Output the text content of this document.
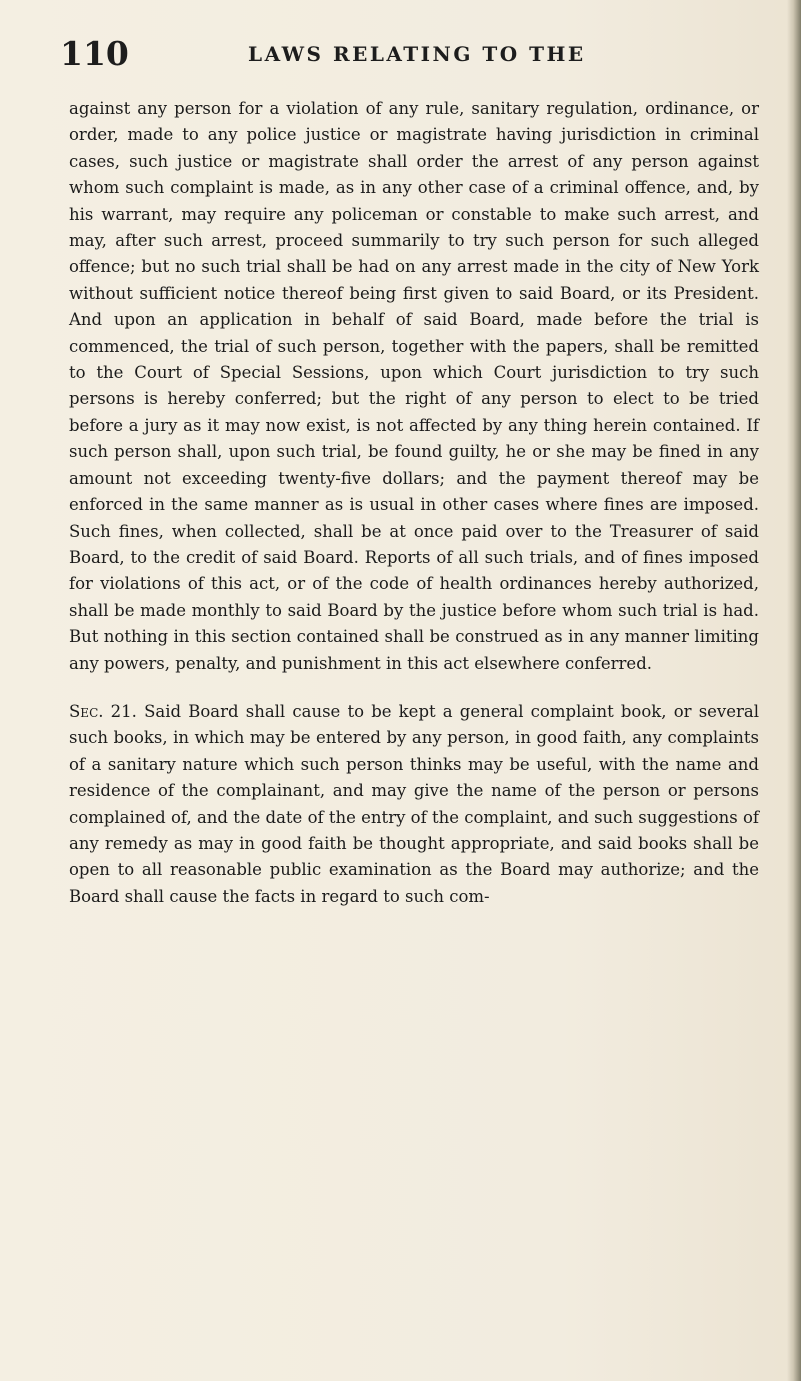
110	LAWS RELATING TO THE

against any person for a violation of any rule, sanitary regulation, ordinance, or order, made to any police justice or magistrate having jurisdiction in criminal cases, such justice or magistrate shall order the arrest of any person against whom such complaint is made, as in any other case of a criminal offence, and, by his warrant, may require any policeman or constable to make such arrest, and may, after such arrest, proceed summarily to try such person for such alleged offence; but no such trial shall be had on any arrest made in the city of New York without sufficient notice thereof being first given to said Board, or its President. And upon an application in behalf of said Board, made before the trial is commenced, the trial of such person, together with the papers, shall be remitted to the Court of Special Sessions, upon which Court jurisdiction to try such persons is hereby conferred; but the right of any person to elect to be tried before a jury as it may now exist, is not affected by any thing herein contained. If such person shall, upon such trial, be found guilty, he or she may be fined in any amount not exceeding twenty-five dollars; and the payment thereof may be enforced in the same manner as is usual in other cases where fines are imposed. Such fines, when collected, shall be at once paid over to the Treasurer of said Board, to the credit of said Board. Reports of all such trials, and of fines imposed for violations of this act, or of the code of health ordinances hereby authorized, shall be made monthly to said Board by the justice before whom such trial is had. But nothing in this section contained shall be construed as in any manner limiting any powers, penalty, and punishment in this act elsewhere conferred.

Sec. 21. Said Board shall cause to be kept a general complaint book, or several such books, in which may be entered by any person, in good faith, any complaints of a sanitary nature which such person thinks may be useful, with the name and residence of the complainant, and may give the name of the person or persons complained of, and the date of the entry of the complaint, and such suggestions of any remedy as may in good faith be thought appropriate, and said books shall be open to all reasonable public examination as the Board may authorize; and the Board shall cause the facts in regard to such com-
